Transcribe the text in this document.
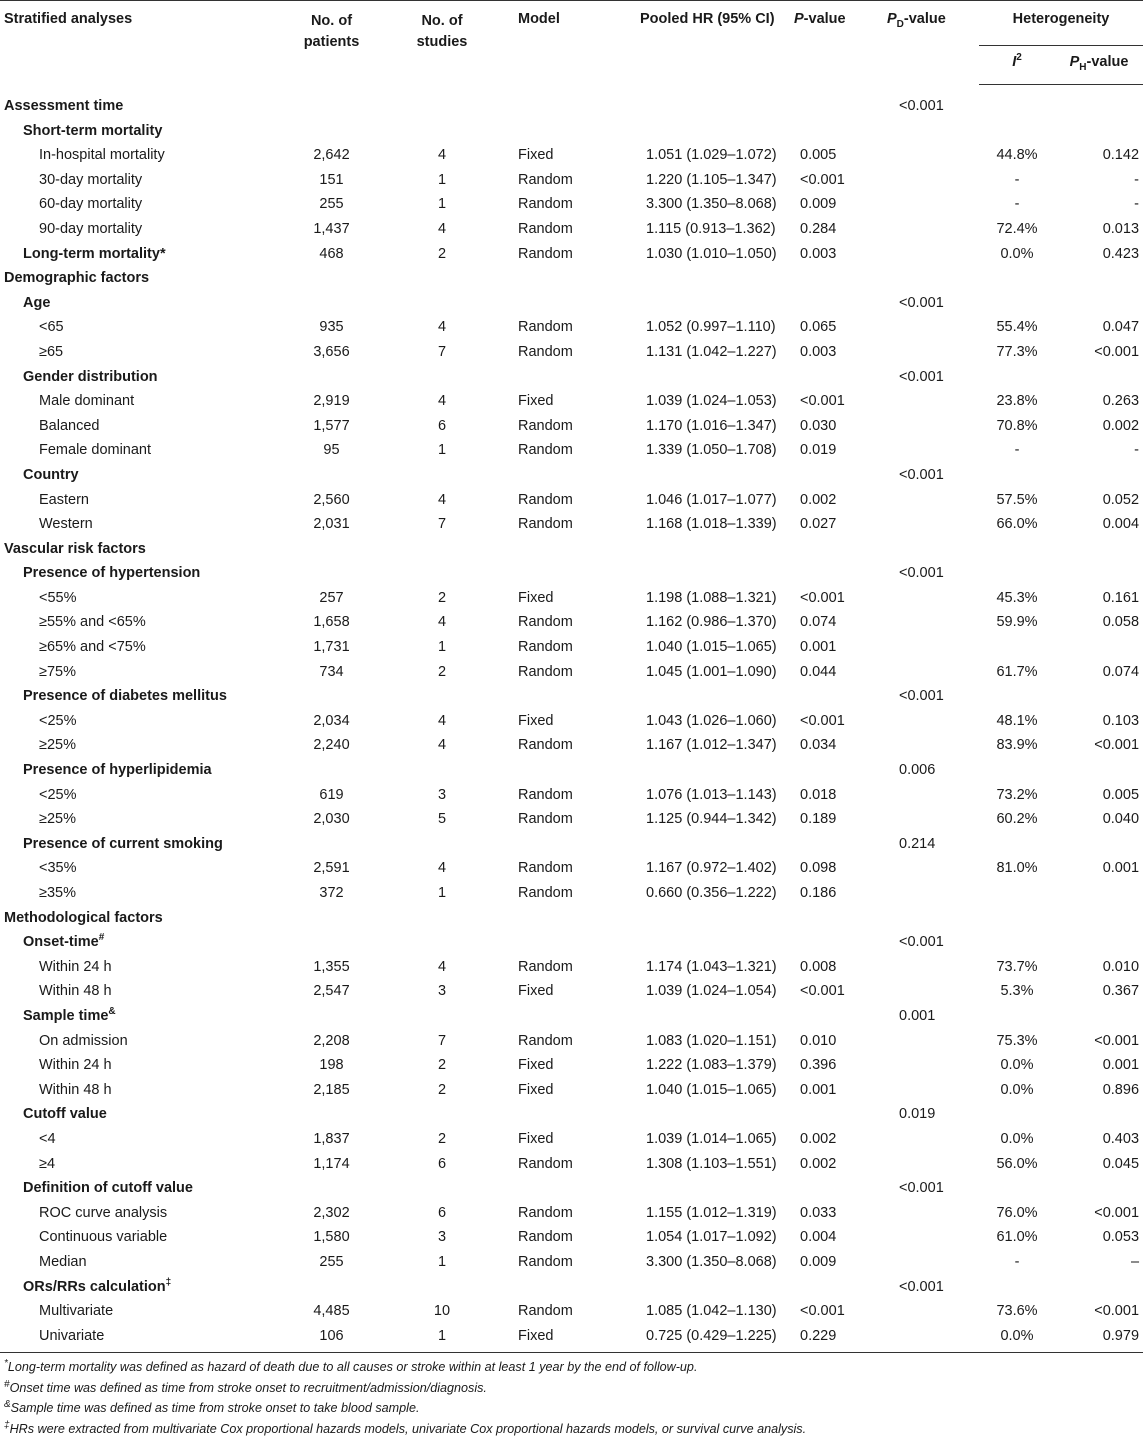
Stratified analyses	No. of patients	No. of studies	Model	Pooled HR (95% CI)	P-value	$P_D$-value	Heterogeneity	
							$I^2$	$P_H$-value
Assessment time						<0.001		
Short-term mortality								
In-hospital mortality	2,642	4	Fixed	1.051 (1.029–1.072)	0.005		44.8%	0.142
30-day mortality	151	1	Random	1.220 (1.105–1.347)	<0.001		-	-
60-day mortality	255	1	Random	3.300 (1.350–8.068)	0.009		-	-
90-day mortality	1,437	4	Random	1.115 (0.913–1.362)	0.284		72.4%	0.013
Long-term mortality*	468	2	Random	1.030 (1.010–1.050)	0.003		0.0%	0.423
Demographic factors								
Age						<0.001		
<65	935	4	Random	1.052 (0.997–1.110)	0.065		55.4%	0.047
≥65	3,656	7	Random	1.131 (1.042–1.227)	0.003		77.3%	<0.001
Gender distribution						<0.001		
Male dominant	2,919	4	Fixed	1.039 (1.024–1.053)	<0.001		23.8%	0.263
Balanced	1,577	6	Random	1.170 (1.016–1.347)	0.030		70.8%	0.002
Female dominant	95	1	Random	1.339 (1.050–1.708)	0.019		-	-
Country						<0.001		
Eastern	2,560	4	Random	1.046 (1.017–1.077)	0.002		57.5%	0.052
Western	2,031	7	Random	1.168 (1.018–1.339)	0.027		66.0%	0.004
Vascular risk factors								
Presence of hypertension						<0.001		
<55%	257	2	Fixed	1.198 (1.088–1.321)	<0.001		45.3%	0.161
≥55% and <65%	1,658	4	Random	1.162 (0.986–1.370)	0.074		59.9%	0.058
≥65% and <75%	1,731	1	Random	1.040 (1.015–1.065)	0.001			
≥75%	734	2	Random	1.045 (1.001–1.090)	0.044		61.7%	0.074
Presence of diabetes mellitus						<0.001		
<25%	2,034	4	Fixed	1.043 (1.026–1.060)	<0.001		48.1%	0.103
≥25%	2,240	4	Random	1.167 (1.012–1.347)	0.034		83.9%	<0.001
Presence of hyperlipidemia						0.006		
<25%	619	3	Random	1.076 (1.013–1.143)	0.018		73.2%	0.005
≥25%	2,030	5	Random	1.125 (0.944–1.342)	0.189		60.2%	0.040
Presence of current smoking						0.214		
<35%	2,591	4	Random	1.167 (0.972–1.402)	0.098		81.0%	0.001
≥35%	372	1	Random	0.660 (0.356–1.222)	0.186			
Methodological factors								
Onset-time#						<0.001		
Within 24 h	1,355	4	Random	1.174 (1.043–1.321)	0.008		73.7%	0.010
Within 48 h	2,547	3	Fixed	1.039 (1.024–1.054)	<0.001		5.3%	0.367
Sample time&						0.001		
On admission	2,208	7	Random	1.083 (1.020–1.151)	0.010		75.3%	<0.001
Within 24 h	198	2	Fixed	1.222 (1.083–1.379)	0.396		0.0%	0.001
Within 48 h	2,185	2	Fixed	1.040 (1.015–1.065)	0.001		0.0%	0.896
Cutoff value						0.019		
<4	1,837	2	Fixed	1.039 (1.014–1.065)	0.002		0.0%	0.403
≥4	1,174	6	Random	1.308 (1.103–1.551)	0.002		56.0%	0.045
Definition of cutoff value						<0.001		
ROC curve analysis	2,302	6	Random	1.155 (1.012–1.319)	0.033		76.0%	<0.001
Continuous variable	1,580	3	Random	1.054 (1.017–1.092)	0.004		61.0%	0.053
Median	255	1	Random	3.300 (1.350–8.068)	0.009		-	–
ORs/RRs calculation‡						<0.001		
Multivariate	4,485	10	Random	1.085 (1.042–1.130)	<0.001		73.6%	<0.001
Univariate	106	1	Fixed	0.725 (0.429–1.225)	0.229		0.0%	0.979
*Long-term mortality was defined as hazard of death due to all causes or stroke within at least 1 year by the end of follow-up.
#Onset time was defined as time from stroke onset to recruitment/admission/diagnosis.
&Sample time was defined as time from stroke onset to take blood sample.
‡HRs were extracted from multivariate Cox proportional hazards models, univariate Cox proportional hazards models, or survival curve analysis.
